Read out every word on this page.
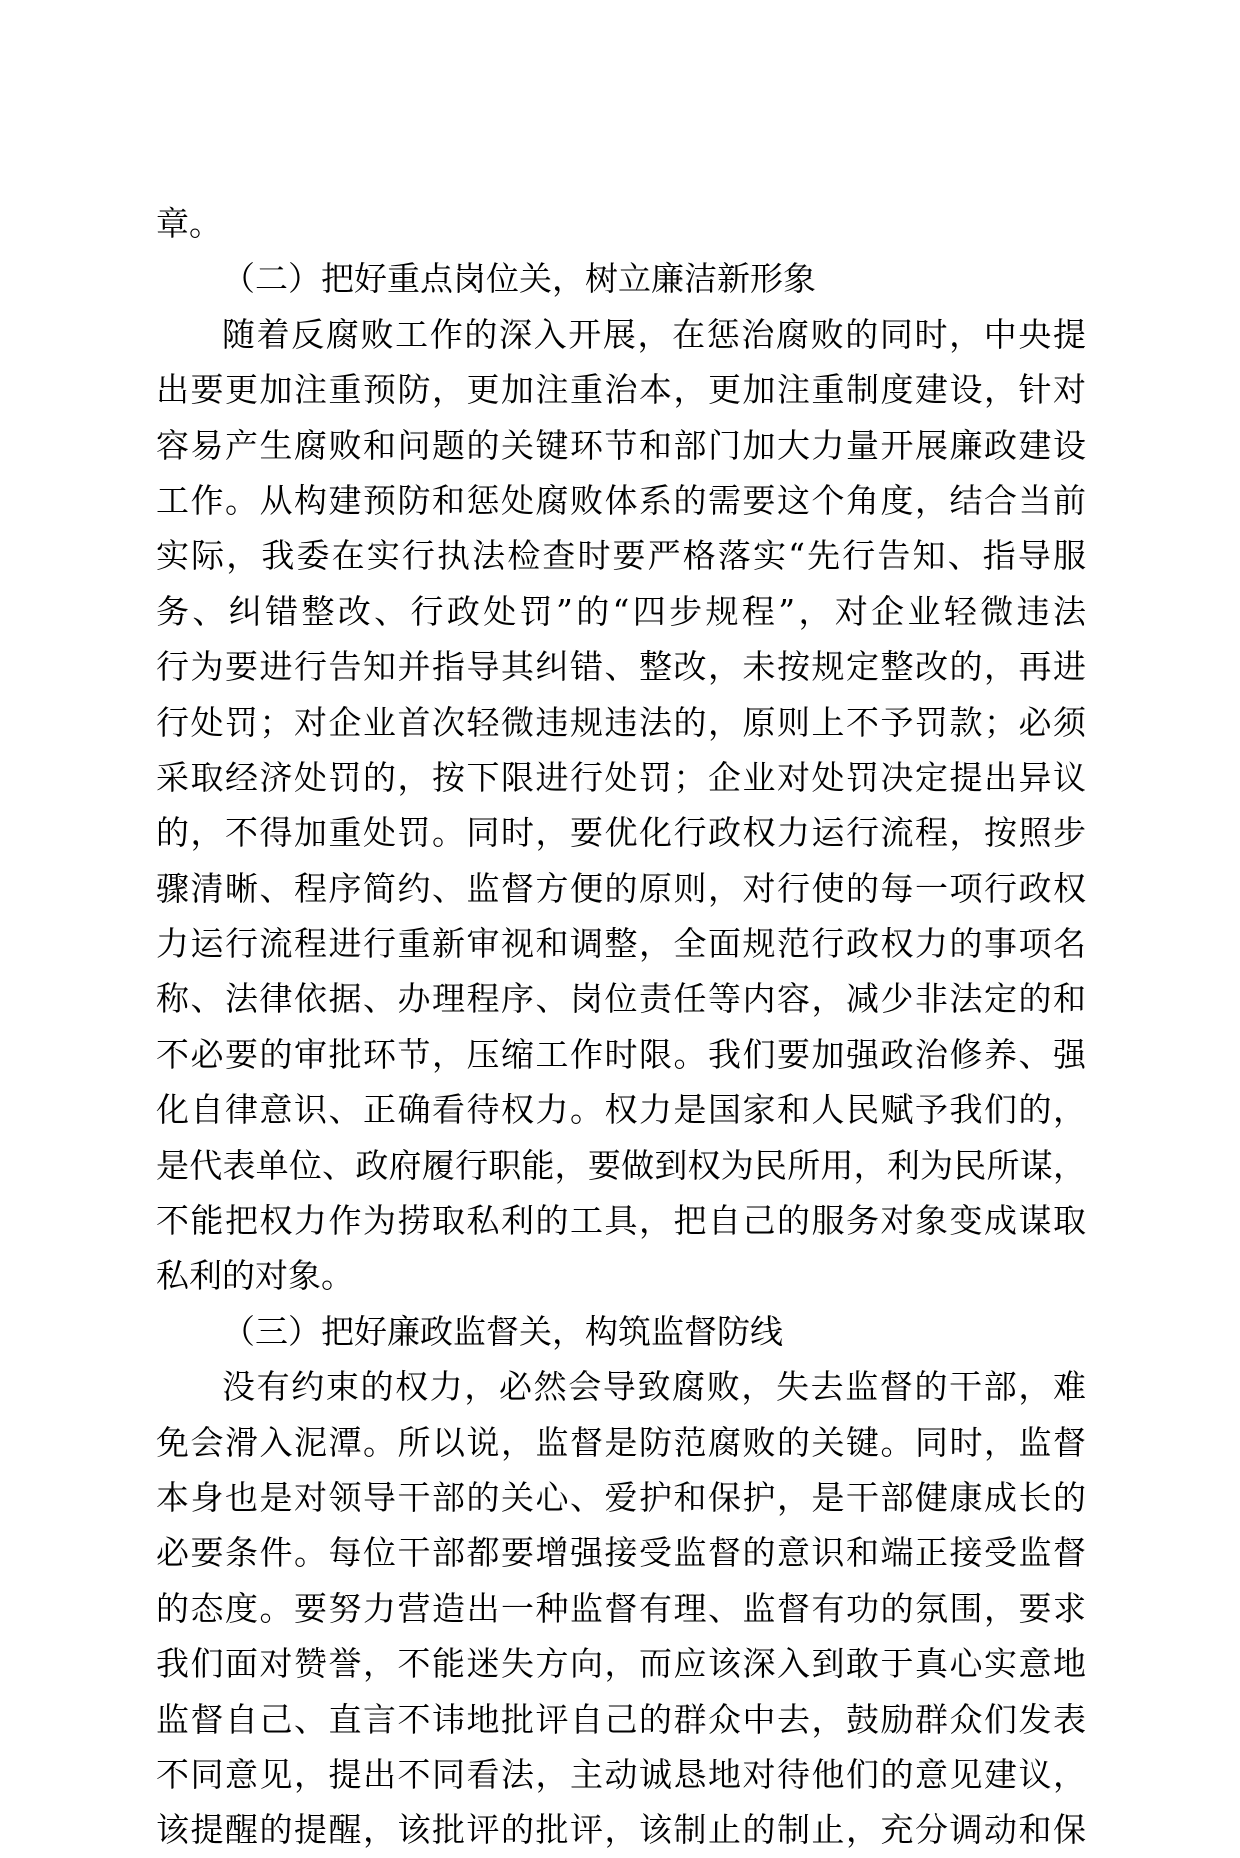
章。
（二）把好重点岗位关，树立廉洁新形象
随着反腐败工作的深入开展，在惩治腐败的同时，中央提
出要更加注重预防，更加注重治本，更加注重制度建设，针对
容易产生腐败和问题的关键环节和部门加大力量开展廉政建设
工作。从构建预防和惩处腐败体系的需要这个角度，结合当前
实际，我委在实行执法检查时要严格落实“先行告知、指导服
务、纠错整改、行政处罚”的“四步规程”，对企业轻微违法
行为要进行告知并指导其纠错、整改，未按规定整改的，再进
行处罚；对企业首次轻微违规违法的，原则上不予罚款；必须
采取经济处罚的，按下限进行处罚；企业对处罚决定提出异议
的，不得加重处罚。同时，要优化行政权力运行流程，按照步
骤清晰、程序简约、监督方便的原则，对行使的每一项行政权
力运行流程进行重新审视和调整，全面规范行政权力的事项名
称、法律依据、办理程序、岗位责任等内容，减少非法定的和
不必要的审批环节，压缩工作时限。我们要加强政治修养、强
化自律意识、正确看待权力。权力是国家和人民赋予我们的，
是代表单位、政府履行职能，要做到权为民所用，利为民所谋，
不能把权力作为捞取私利的工具，把自己的服务对象变成谋取
私利的对象。
（三）把好廉政监督关，构筑监督防线
没有约束的权力，必然会导致腐败，失去监督的干部，难
免会滑入泥潭。所以说，监督是防范腐败的关键。同时，监督
本身也是对领导干部的关心、爱护和保护，是干部健康成长的
必要条件。每位干部都要增强接受监督的意识和端正接受监督
的态度。要努力营造出一种监督有理、监督有功的氛围，要求
我们面对赞誉，不能迷失方向，而应该深入到敢于真心实意地
监督自己、直言不讳地批评自己的群众中去，鼓励群众们发表
不同意见，提出不同看法，主动诚恳地对待他们的意见建议，
该提醒的提醒，该批评的批评，该制止的制止，充分调动和保
